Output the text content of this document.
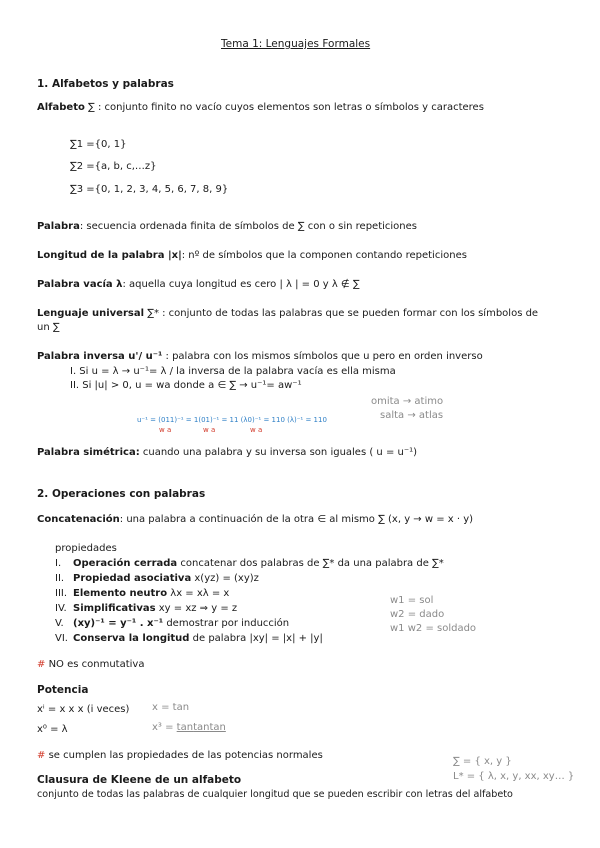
Tema 1: Lenguajes Formales
1. Alfabetos y palabras
Alfabeto ∑ : conjunto finito no vacío cuyos elementos son letras o símbolos y caracteres
∑1 ={0, 1}
∑2 ={a, b, c,…z}
∑3 ={0, 1, 2, 3, 4, 5, 6, 7, 8, 9}
Palabra: secuencia ordenada finita de símbolos de ∑ con o sin repeticiones
Longitud de la palabra |x|: nº de símbolos que la componen contando repeticiones
Palabra vacía λ: aquella cuya longitud es cero | λ | = 0 y λ ∉ ∑
Lenguaje universal ∑* : conjunto de todas las palabras que se pueden formar con los símbolos de
un ∑
Palabra inversa u'/ u⁻¹ : palabra con los mismos símbolos que u pero en orden inverso
I. Si u = λ → u⁻¹= λ / la inversa de la palabra vacía es ella misma
II. Si |u| > 0, u = wa donde a ∈ ∑ → u⁻¹= aw⁻¹
omita → atimo
salta → atlas
u⁻¹ = (011)⁻¹ = 1(01)⁻¹ = 11 (λ0)⁻¹ = 110 (λ)⁻¹ = 110
w a	w a	w a
Palabra simétrica: cuando una palabra y su inversa son iguales ( u = u⁻¹)
2. Operaciones con palabras
Concatenación: una palabra a continuación de la otra ∈ al mismo ∑ (x, y → w = x · y)
propiedades
I. Operación cerrada concatenar dos palabras de ∑* da una palabra de ∑*
II. Propiedad asociativa x(yz) = (xy)z
III. Elemento neutro λx = xλ = x
IV. Simplificativas xy = xz ⇒ y = z
V. (xy)⁻¹ = y⁻¹ . x⁻¹ demostrar por inducción
VI. Conserva la longitud de palabra |xy| = |x| + |y|
w1 = sol
w2 = dado
w1 w2 = soldado
# NO es conmutativa
Potencia
xⁱ = x x x (i veces)
x⁰ = λ
x = tan
x³ = tantantan
# se cumplen las propiedades de las potencias normales
∑ = { x, y }
L* = { λ, x, y, xx, xy… }
Clausura de Kleene de un alfabeto
conjunto de todas las palabras de cualquier longitud que se pueden escribir con letras del alfabeto
